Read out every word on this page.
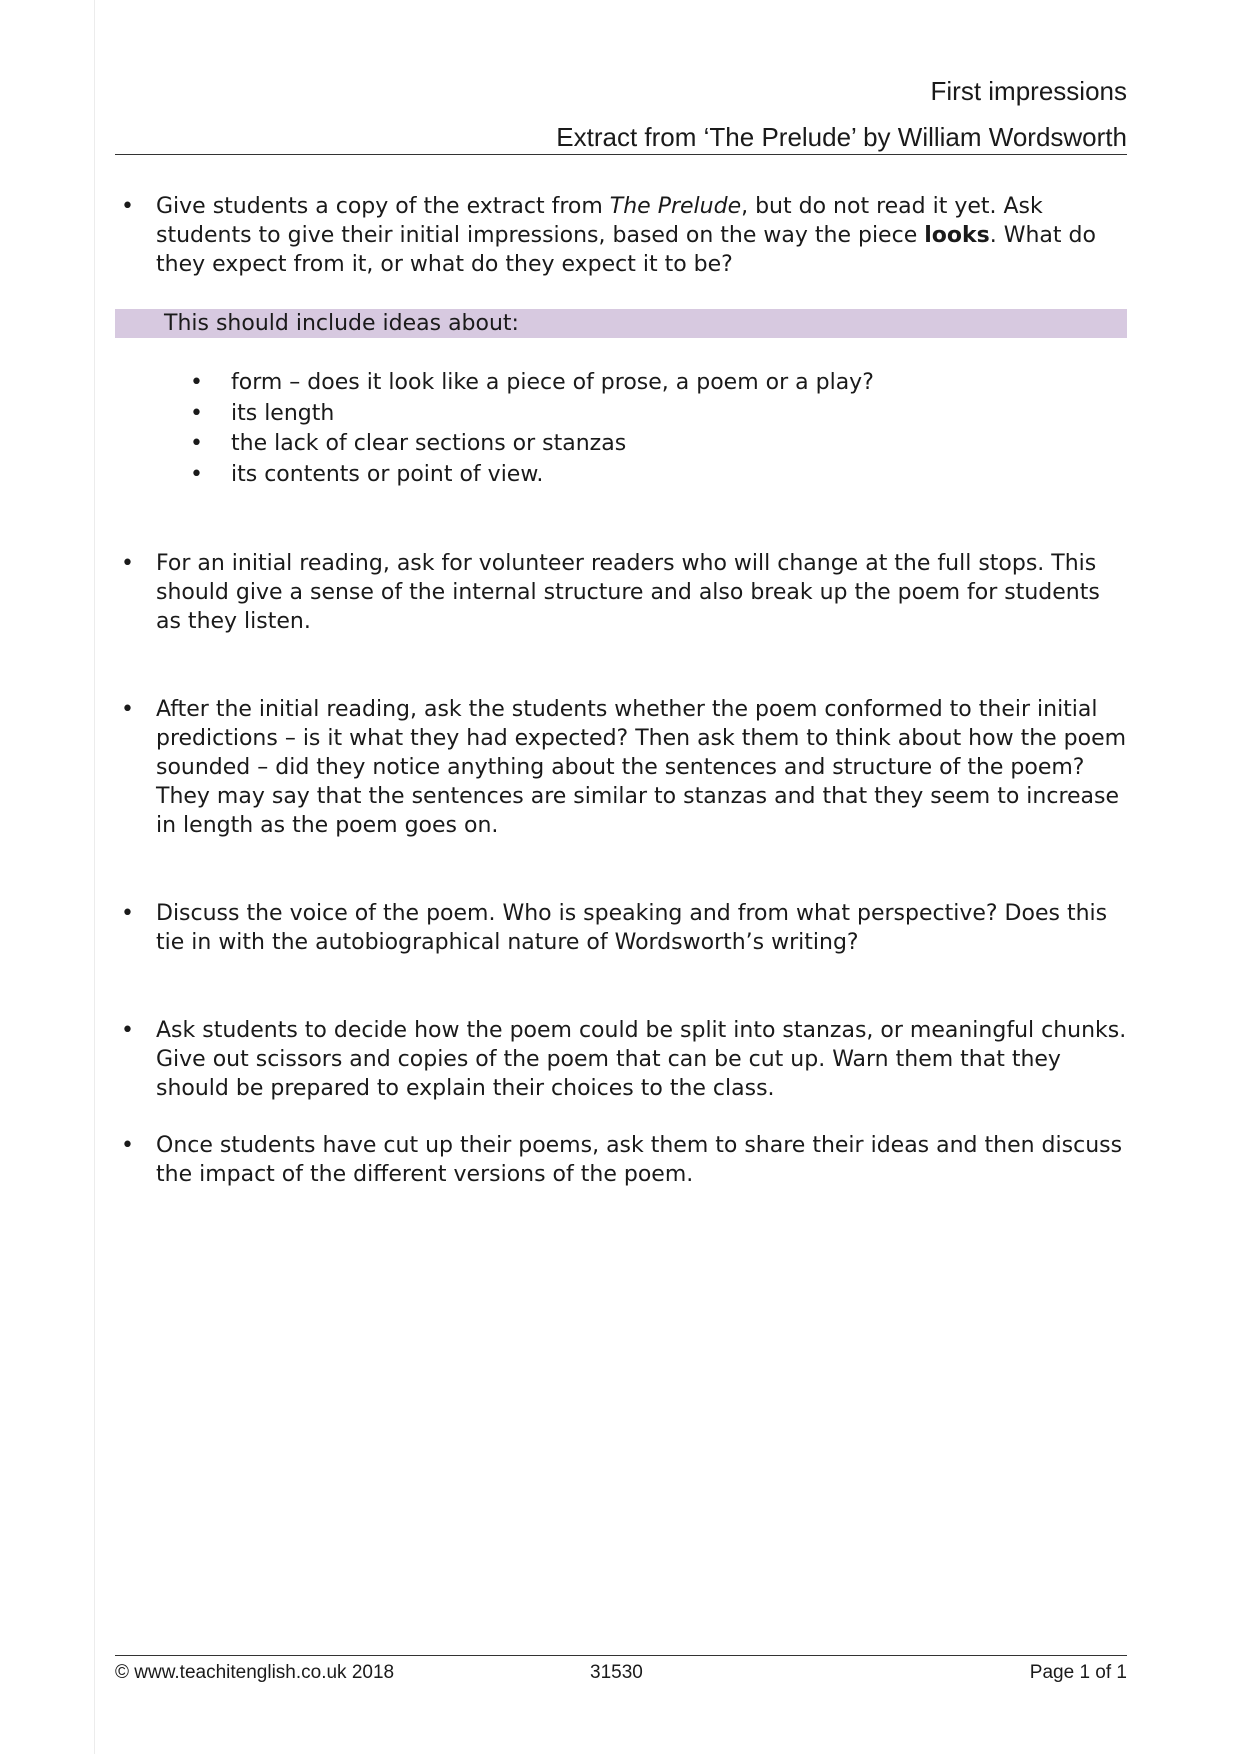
First impressions
Extract from ‘The Prelude’ by William Wordsworth
• Give students a copy of the extract from The Prelude, but do not read it yet. Ask students to give their initial impressions, based on the way the piece looks. What do they expect from it, or what do they expect it to be?
This should include ideas about:
• form – does it look like a piece of prose, a poem or a play?
• its length
• the lack of clear sections or stanzas
• its contents or point of view.
• For an initial reading, ask for volunteer readers who will change at the full stops. This should give a sense of the internal structure and also break up the poem for students as they listen.
• After the initial reading, ask the students whether the poem conformed to their initial predictions – is it what they had expected? Then ask them to think about how the poem sounded – did they notice anything about the sentences and structure of the poem? They may say that the sentences are similar to stanzas and that they seem to increase in length as the poem goes on.
• Discuss the voice of the poem. Who is speaking and from what perspective? Does this tie in with the autobiographical nature of Wordsworth’s writing?
• Ask students to decide how the poem could be split into stanzas, or meaningful chunks. Give out scissors and copies of the poem that can be cut up. Warn them that they should be prepared to explain their choices to the class.
• Once students have cut up their poems, ask them to share their ideas and then discuss the impact of the different versions of the poem.
© www.teachitenglish.co.uk 2018	31530	Page 1 of 1
